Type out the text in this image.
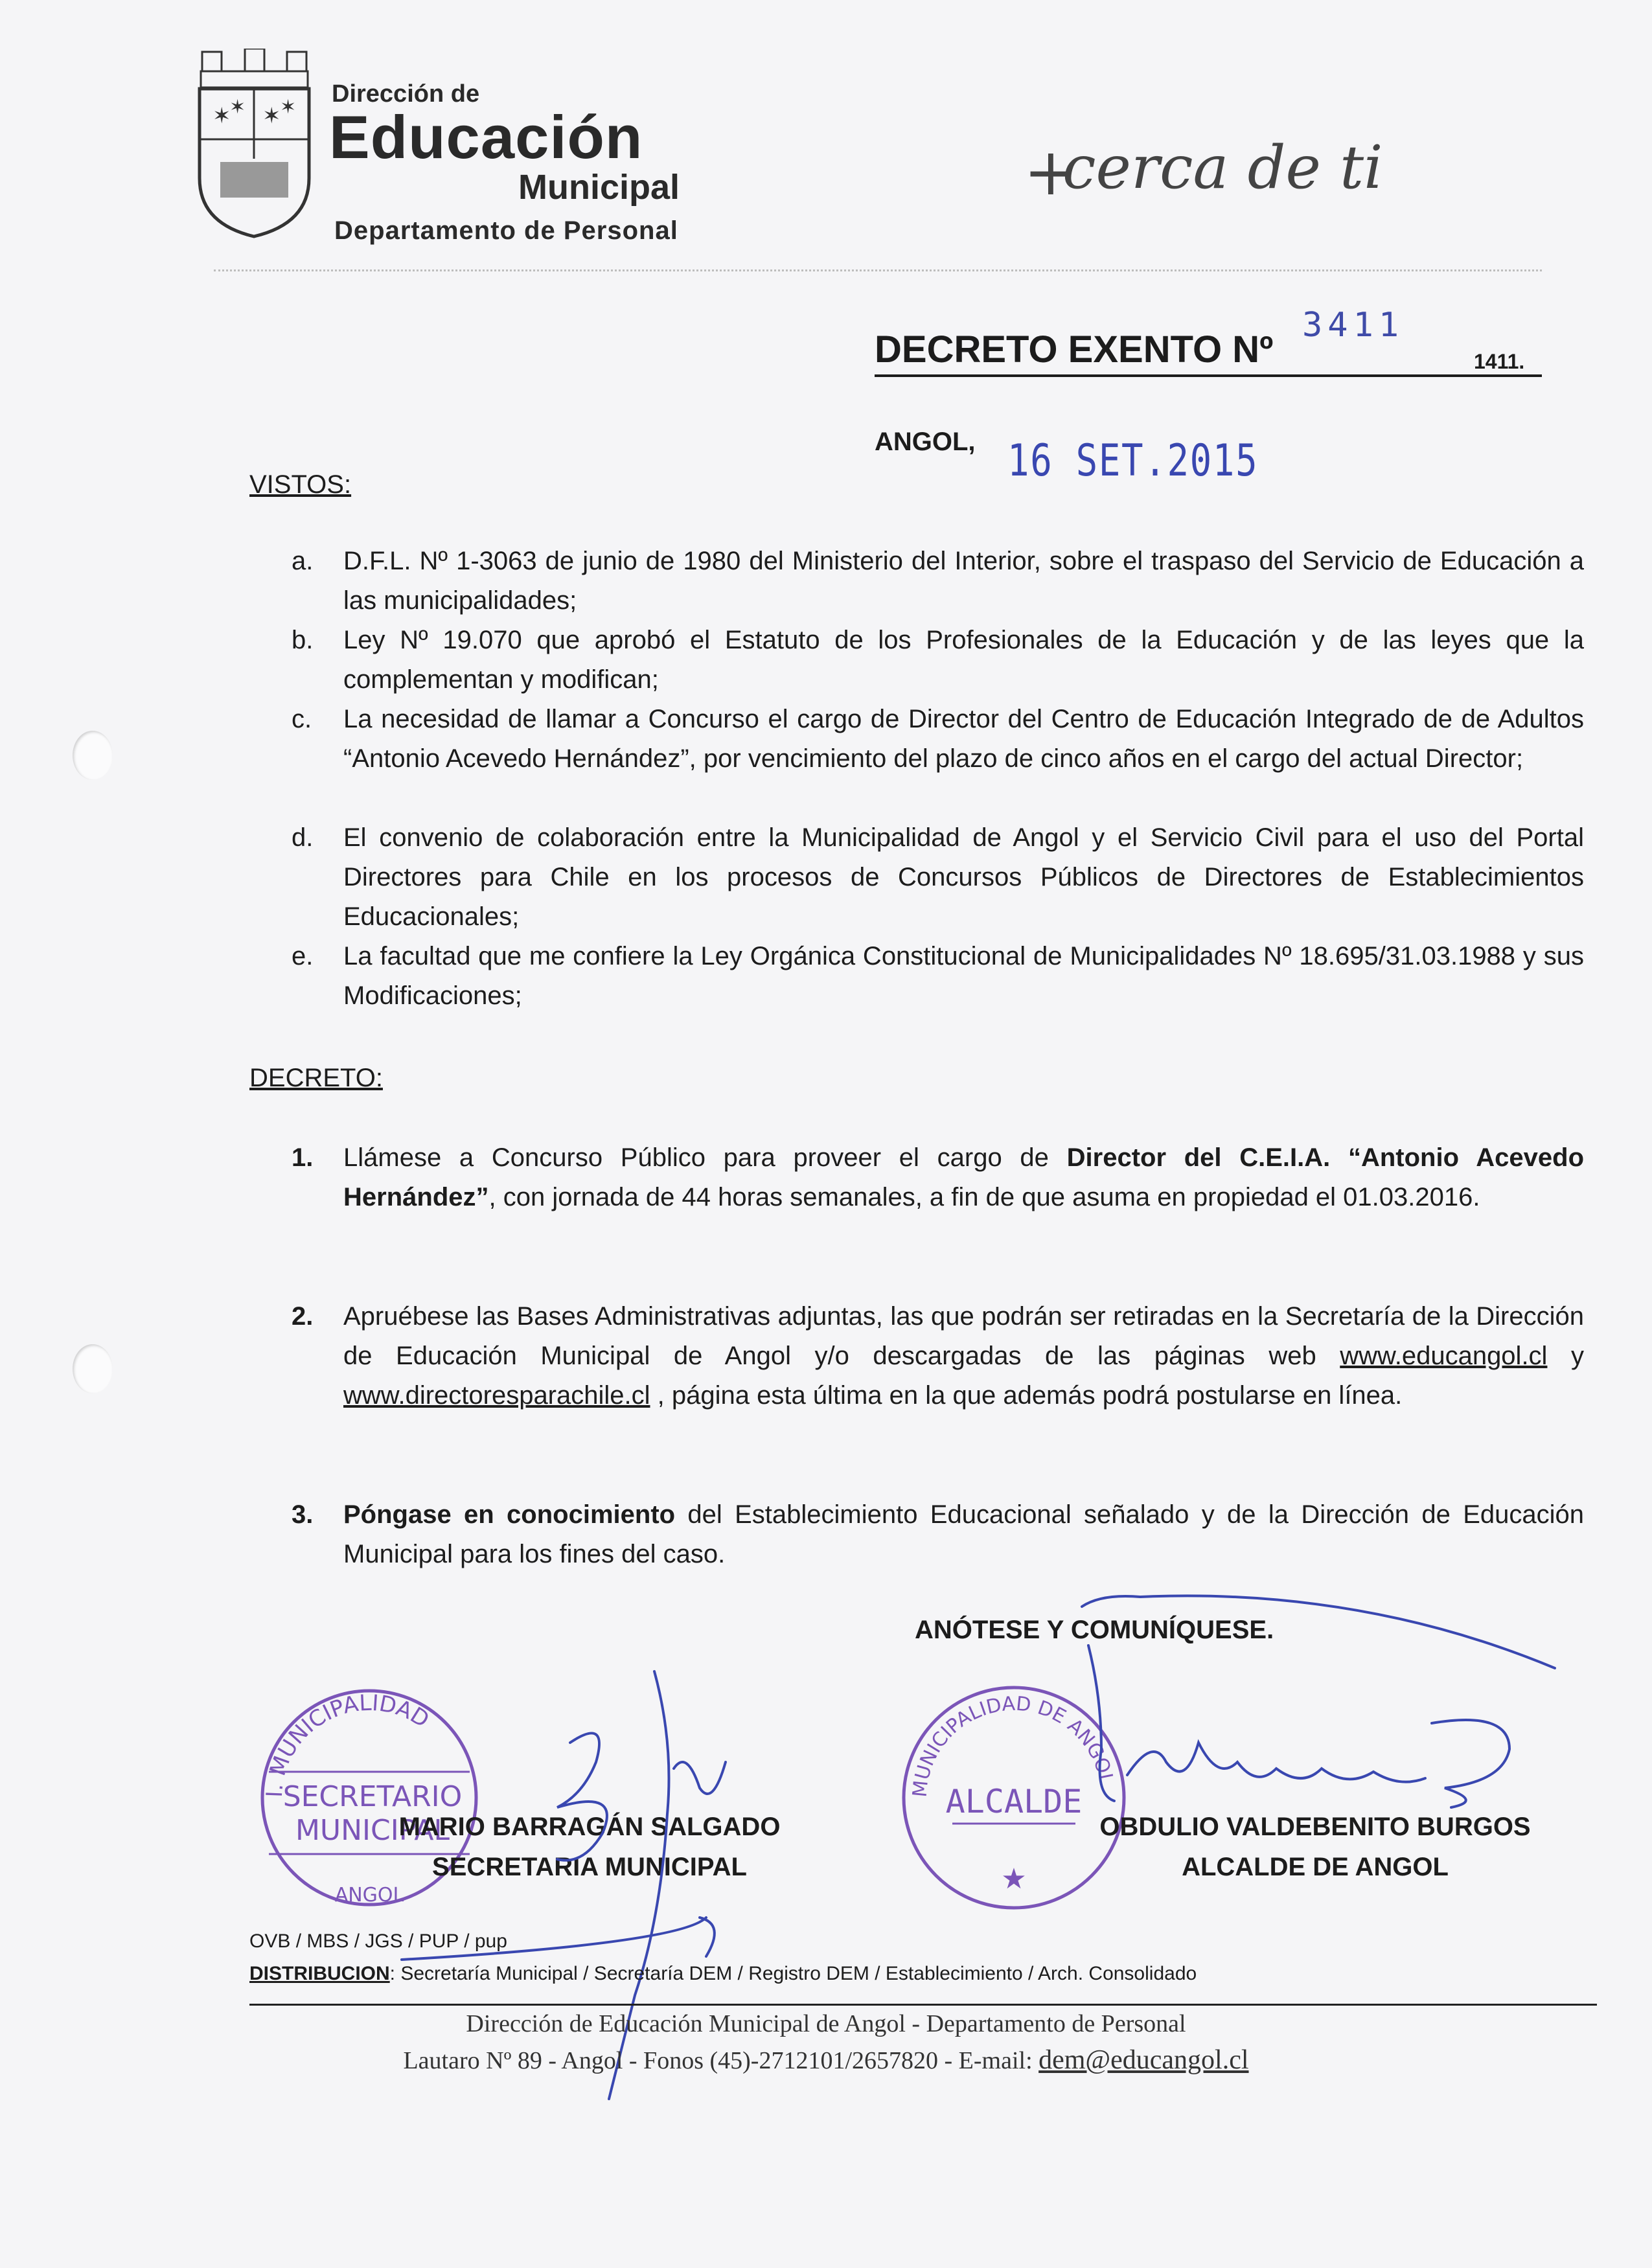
✶
✶ ✶
✶ Dirección de
Educación
Municipal
Departamento de Personal
+
cerca de ti
DECRETO EXENTO Nº
3411
1411.
ANGOL, 16 SET.2015
VISTOS:
a.	D.F.L. Nº 1-3063 de junio de 1980 del Ministerio del Interior, sobre el traspaso del Servicio de Educación a las municipalidades;
b.	Ley Nº 19.070 que aprobó el Estatuto de los Profesionales de la Educación y de las leyes que la complementan y modifican;
c.	La necesidad de llamar a Concurso el cargo de Director del Centro de Educación Integrado de de Adultos “Antonio Acevedo Hernández”, por vencimiento del plazo de cinco años en el cargo del actual Director;
d.	El convenio de colaboración entre la Municipalidad de Angol y el Servicio Civil para el uso del Portal Directores para Chile en los procesos de Concursos Públicos de Directores de Establecimientos Educacionales;
e.	La facultad que me confiere la Ley Orgánica Constitucional de Municipalidades Nº 18.695/31.03.1988 y sus Modificaciones;
DECRETO:
1.	Llámese a Concurso Público para proveer el cargo de Director del C.E.I.A. “Antonio Acevedo Hernández”, con jornada de 44 horas semanales, a fin de que asuma en propiedad el 01.03.2016.
2.	Apruébese las Bases Administrativas adjuntas, las que podrán ser retiradas en la Secretaría de la Dirección de Educación Municipal de Angol y/o descargadas de las páginas web www.educangol.cl y www.directoresparachile.cl , página esta última en la que además podrá postularse en línea.
3.	Póngase en conocimiento del Establecimiento Educacional señalado y de la Dirección de Educación Municipal para los fines del caso.
ANÓTESE Y COMUNÍQUESE.
I. MUNICIPALIDAD
ANGOL
SECRETARIO
MUNICIPAL
MUNICIPALIDAD DE ANGOL
ALCALDE
★
MARIO BARRAGÁN SALGADO
SECRETARIA MUNICIPAL
OBDULIO VALDEBENITO BURGOS
ALCALDE DE ANGOL
OVB / MBS / JGS / PUP / pup
DISTRIBUCION: Secretaría Municipal / Secretaría DEM / Registro DEM / Establecimiento / Arch. Consolidado
Dirección de Educación Municipal de Angol - Departamento de Personal
Lautaro Nº 89 - Angol - Fonos (45)-2712101/2657820 - E-mail: dem@educangol.cl
